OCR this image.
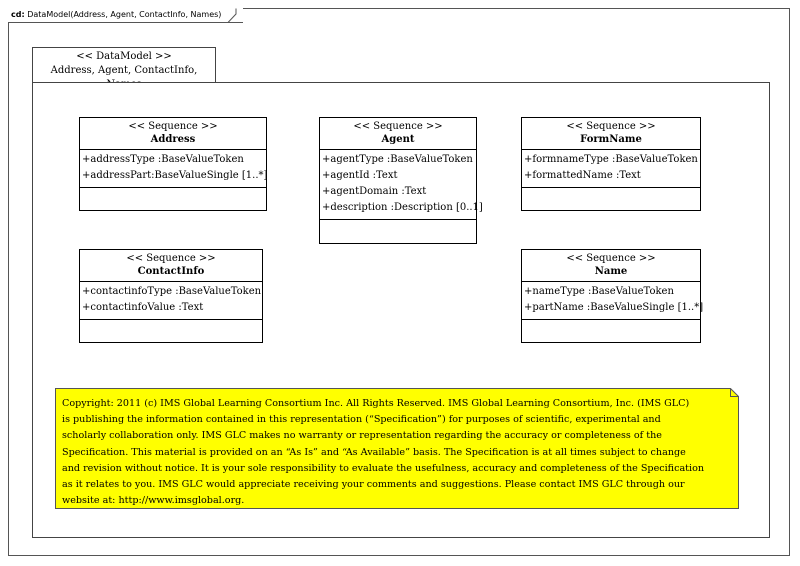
cd: DataModel(Address, Agent, ContactInfo, Names)
<< DataModel >>
Address, Agent, ContactInfo,
<< Sequence >>
Address
+addressType :BaseValueToken
+addressPart:BaseValueSingle [1..*]
<< Sequence >>
Agent
+agentType :BaseValueToken
+agentId :Text
+agentDomain :Text
+description :Description [0..1]
<< Sequence >>
FormName
+formnameType :BaseValueToken
+formattedName :Text
<< Sequence >>
ContactInfo
+contactinfoType :BaseValueToken
+contactinfoValue :Text
<< Sequence >>
Name
+nameType :BaseValueToken
+partName :BaseValueSingle [1..*]
Copyright: 2011 (c) IMS Global Learning Consortium Inc. All Rights Reserved. IMS Global Learning Consortium, Inc. (IMS GLC)
is publishing the information contained in this representation (“Specification”) for purposes of scientific, experimental and
scholarly collaboration only. IMS GLC makes no warranty or representation regarding the accuracy or completeness of the
Specification. This material is provided on an “As Is” and “As Available” basis. The Specification is at all times subject to change
and revision without notice. It is your sole responsibility to evaluate the usefulness, accuracy and completeness of the Specification
as it relates to you. IMS GLC would appreciate receiving your comments and suggestions. Please contact IMS GLC through our
website at: http://www.imsglobal.org.
